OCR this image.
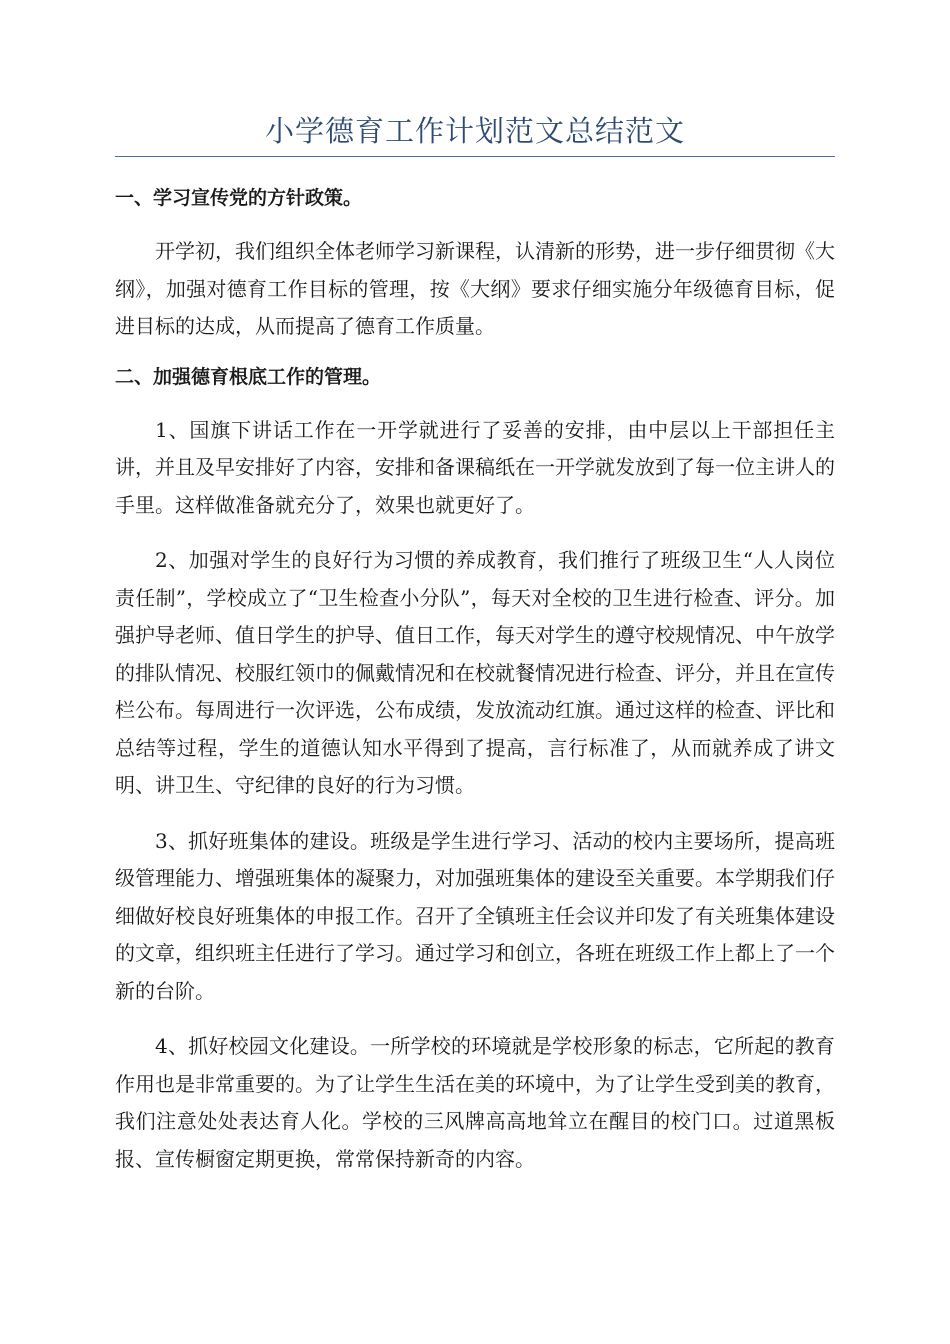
小学德育工作计划范文总结范文
一、学习宣传党的方针政策。

开学初，我们组织全体老师学习新课程，认清新的形势，进一步仔细贯彻《大纲》，加强对德育工作目标的管理，按《大纲》要求仔细实施分年级德育目标，促进目标的达成，从而提高了德育工作质量。

二、加强德育根底工作的管理。

1、国旗下讲话工作在一开学就进行了妥善的安排，由中层以上干部担任主讲，并且及早安排好了内容，安排和备课稿纸在一开学就发放到了每一位主讲人的手里。这样做准备就充分了，效果也就更好了。

2、加强对学生的良好行为习惯的养成教育，我们推行了班级卫生“人人岗位责任制”，学校成立了“卫生检查小分队”，每天对全校的卫生进行检查、评分。加强护导老师、值日学生的护导、值日工作，每天对学生的遵守校规情况、中午放学的排队情况、校服红领巾的佩戴情况和在校就餐情况进行检查、评分，并且在宣传栏公布。每周进行一次评选，公布成绩，发放流动红旗。通过这样的检查、评比和总结等过程，学生的道德认知水平得到了提高，言行标准了，从而就养成了讲文明、讲卫生、守纪律的良好的行为习惯。

3、抓好班集体的建设。班级是学生进行学习、活动的校内主要场所，提高班级管理能力、增强班集体的凝聚力，对加强班集体的建设至关重要。本学期我们仔细做好校良好班集体的申报工作。召开了全镇班主任会议并印发了有关班集体建设的文章，组织班主任进行了学习。通过学习和创立，各班在班级工作上都上了一个新的台阶。

4、抓好校园文化建设。一所学校的环境就是学校形象的标志，它所起的教育作用也是非常重要的。为了让学生生活在美的环境中，为了让学生受到美的教育，我们注意处处表达育人化。学校的三风牌高高地耸立在醒目的校门口。过道黑板报、宣传橱窗定期更换，常常保持新奇的内容。
